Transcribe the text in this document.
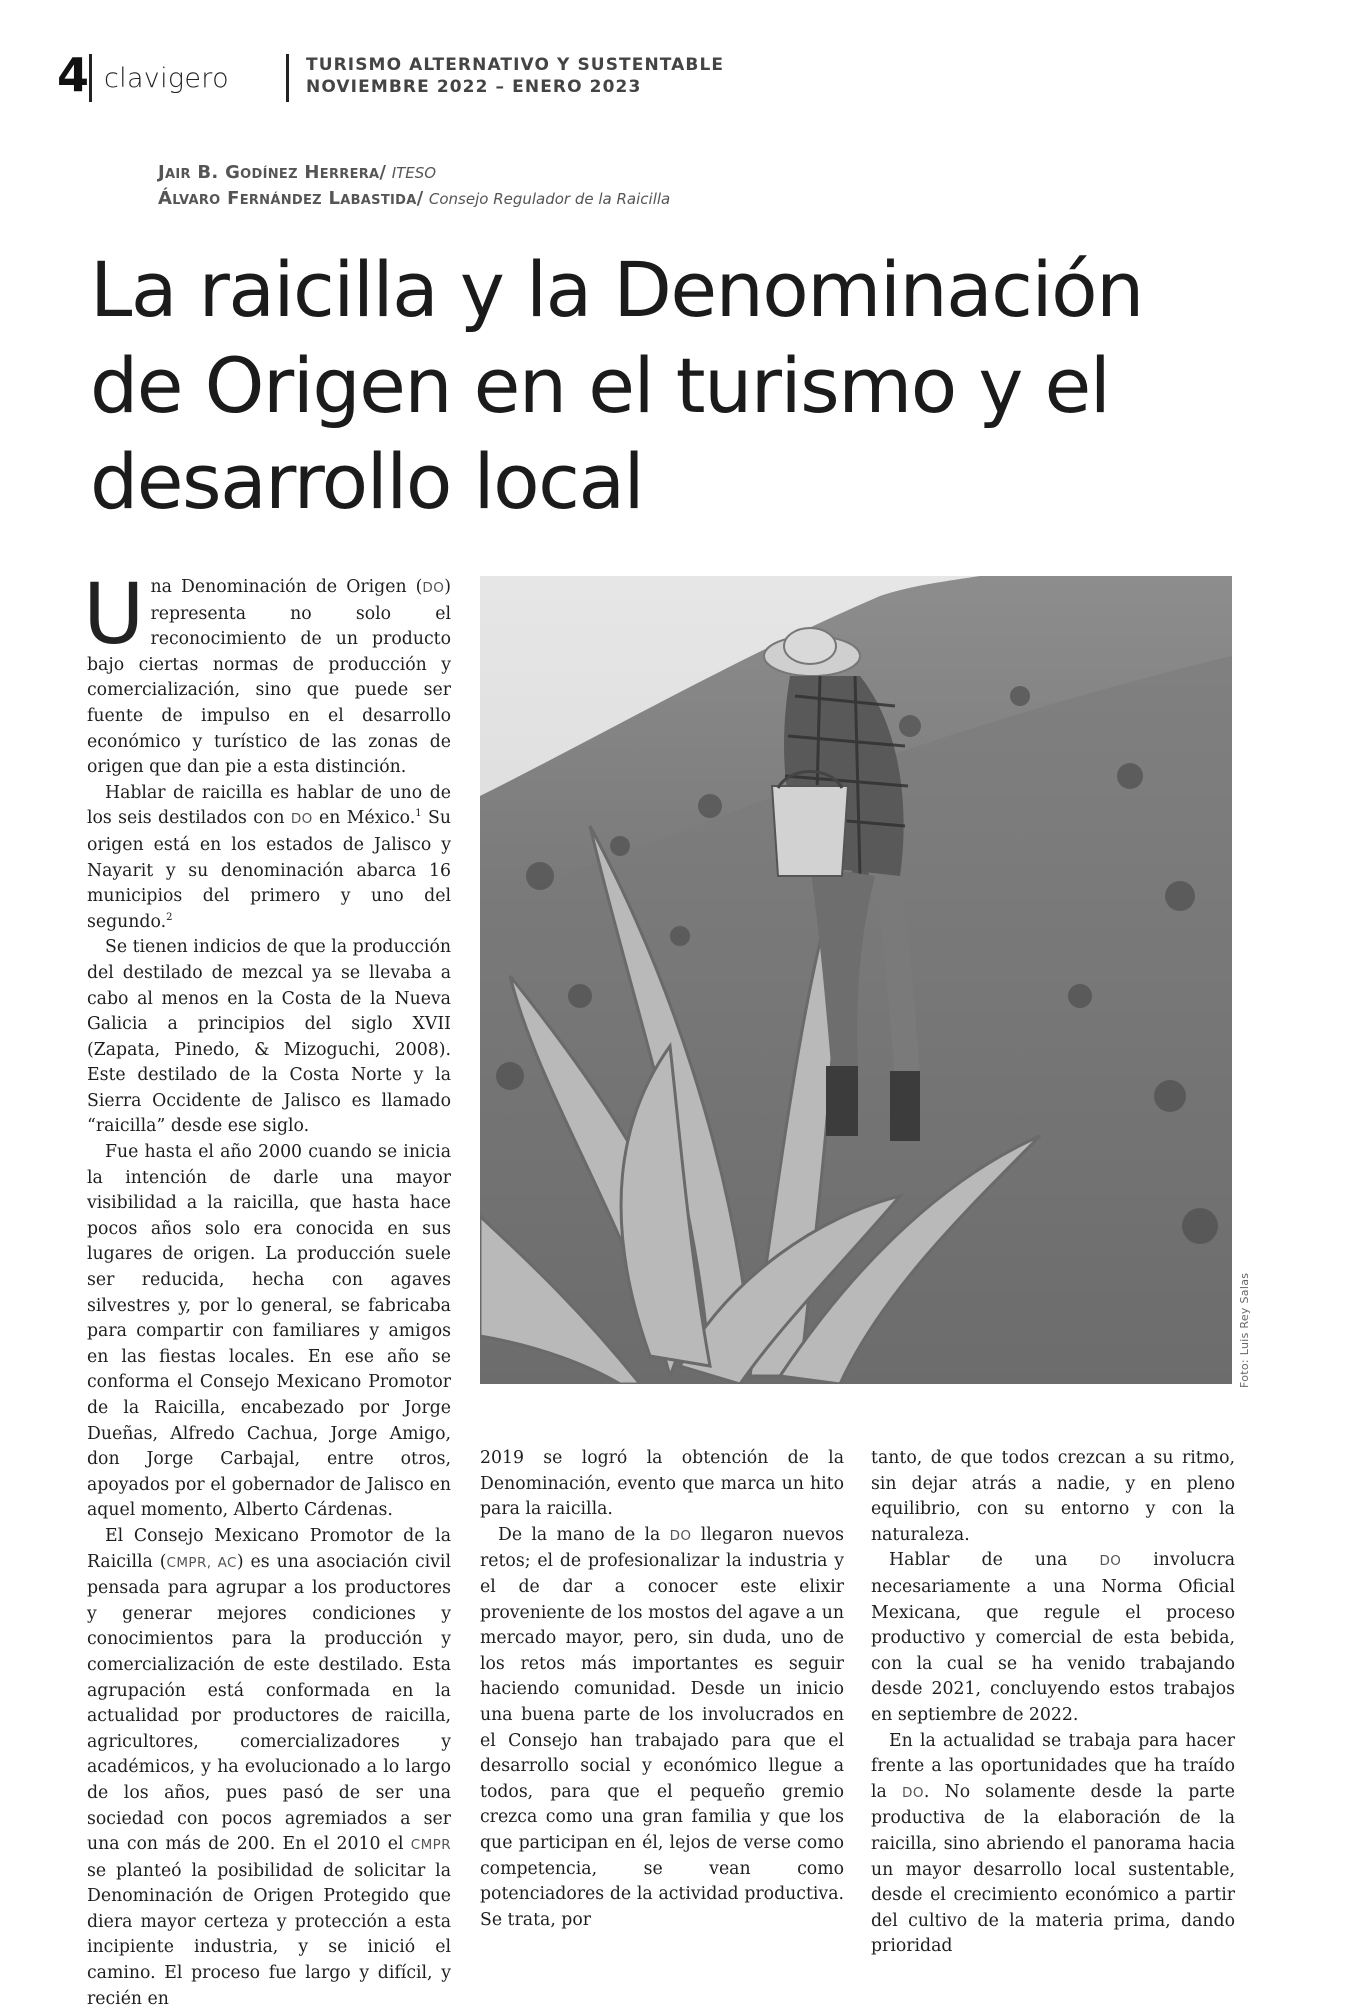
4 clavigero	TURISMO ALTERNATIVO Y SUSTENTABLE
NOVIEMBRE 2022 – ENERO 2023
Jair B. Godínez Herrera/ ITESO
Álvaro Fernández Labastida/ Consejo Regulador de la Raicilla
La raicilla y la Denominación
de Origen en el turismo y el
desarrollo local
Foto: Luis Rey Salas

Una Denominación de Origen (DO) representa no solo el reconocimiento de un producto bajo ciertas normas de producción y comercialización, sino que puede ser fuente de impulso en el desarrollo económico y turístico de las zonas de origen que dan pie a esta distinción.

Hablar de raicilla es hablar de uno de los seis destilados con DO en México.$^1$ Su origen está en los estados de Jalisco y Nayarit y su denominación abarca 16 municipios del primero y uno del segundo.$^2$

Se tienen indicios de que la producción del destilado de mezcal ya se llevaba a cabo al menos en la Costa de la Nueva Galicia a principios del siglo XVII (Zapata, Pinedo, & Mizoguchi, 2008). Este destilado de la Costa Norte y la Sierra Occidente de Jalisco es llamado “raicilla” desde ese siglo.

Fue hasta el año 2000 cuando se inicia la intención de darle una mayor visibilidad a la raicilla, que hasta hace pocos años solo era conocida en sus lugares de origen. La producción suele ser reducida, hecha con agaves silvestres y, por lo general, se fabricaba para compartir con familiares y amigos en las fiestas locales. En ese año se conforma el Consejo Mexicano Promotor de la Raicilla, encabezado por Jorge Dueñas, Alfredo Cachua, Jorge Amigo, don Jorge Carbajal, entre otros, apoyados por el gobernador de Jalisco en aquel momento, Alberto Cárdenas.

El Consejo Mexicano Promotor de la Raicilla (CMPR, AC) es una asociación civil pensada para agrupar a los productores y generar mejores condiciones y conocimientos para la producción y comercialización de este destilado. Esta agrupación está conformada en la actualidad por productores de raicilla, agricultores, comercializadores y académicos, y ha evolucionado a lo largo de los años, pues pasó de ser una sociedad con pocos agremiados a ser una con más de 200. En el 2010 el CMPR se planteó la posibilidad de solicitar la Denominación de Origen Protegido que diera mayor certeza y protección a esta incipiente industria, y se inició el camino. El proceso fue largo y difícil, y recién en

2019 se logró la obtención de la Denominación, evento que marca un hito para la raicilla.

De la mano de la DO llegaron nuevos retos; el de profesionalizar la industria y el de dar a conocer este elixir proveniente de los mostos del agave a un mercado mayor, pero, sin duda, uno de los retos más importantes es seguir haciendo comunidad. Desde un inicio una buena parte de los involucrados en el Consejo han trabajado para que el desarrollo social y económico llegue a todos, para que el pequeño gremio crezca como una gran familia y que los que participan en él, lejos de verse como competencia, se vean como potenciadores de la actividad productiva. Se trata, por

tanto, de que todos crezcan a su ritmo, sin dejar atrás a nadie, y en pleno equilibrio, con su entorno y con la naturaleza.

Hablar de una DO involucra necesariamente a una Norma Oficial Mexicana, que regule el proceso productivo y comercial de esta bebida, con la cual se ha venido trabajando desde 2021, concluyendo estos trabajos en septiembre de 2022.

En la actualidad se trabaja para hacer frente a las oportunidades que ha traído la DO. No solamente desde la parte productiva de la elaboración de la raicilla, sino abriendo el panorama hacia un mayor desarrollo local sustentable, desde el crecimiento económico a partir del cultivo de la materia prima, dando prioridad
